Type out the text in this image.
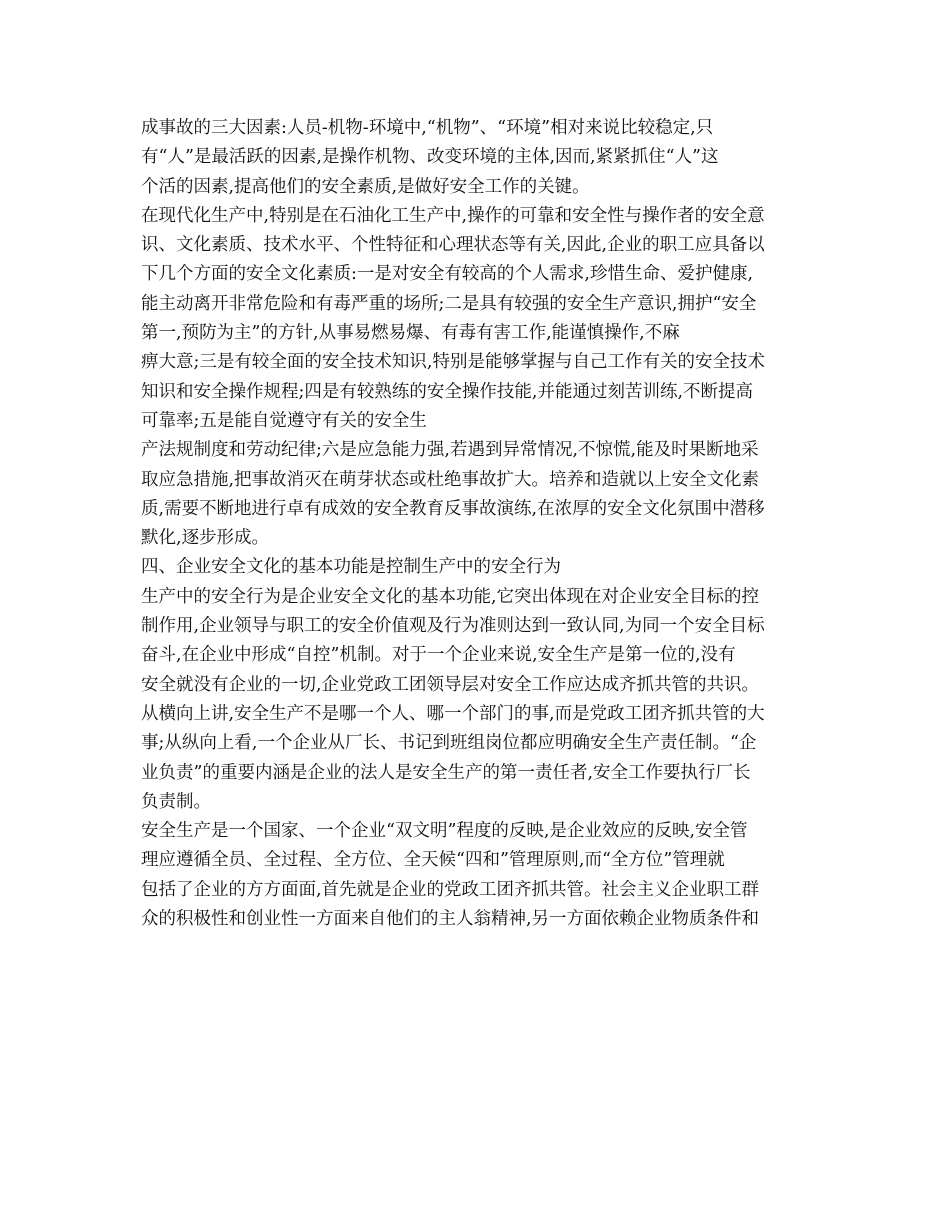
成事故的三大因素:人员-机物-环境中,“机物”、“环境”相对来说比较稳定,只
有“人”是最活跃的因素,是操作机物、改变环境的主体,因而,紧紧抓住“人”这
个活的因素,提高他们的安全素质,是做好安全工作的关键。
在现代化生产中,特别是在石油化工生产中,操作的可靠和安全性与操作者的安全意
识、文化素质、技术水平、个性特征和心理状态等有关,因此,企业的职工应具备以
下几个方面的安全文化素质:一是对安全有较高的个人需求,珍惜生命、爱护健康,
能主动离开非常危险和有毒严重的场所;二是具有较强的安全生产意识,拥护“安全
第一,预防为主”的方针,从事易燃易爆、有毒有害工作,能谨慎操作,不麻
痹大意;三是有较全面的安全技术知识,特别是能够掌握与自己工作有关的安全技术
知识和安全操作规程;四是有较熟练的安全操作技能,并能通过刻苦训练,不断提高
可靠率;五是能自觉遵守有关的安全生
产法规制度和劳动纪律;六是应急能力强,若遇到异常情况,不惊慌,能及时果断地采
取应急措施,把事故消灭在萌芽状态或杜绝事故扩大。培养和造就以上安全文化素
质,需要不断地进行卓有成效的安全教育反事故演练,在浓厚的安全文化氛围中潜移
默化,逐步形成。
四、企业安全文化的基本功能是控制生产中的安全行为
生产中的安全行为是企业安全文化的基本功能,它突出体现在对企业安全目标的控
制作用,企业领导与职工的安全价值观及行为准则达到一致认同,为同一个安全目标
奋斗,在企业中形成“自控”机制。对于一个企业来说,安全生产是第一位的,没有
安全就没有企业的一切,企业党政工团领导层对安全工作应达成齐抓共管的共识。
从横向上讲,安全生产不是哪一个人、哪一个部门的事,而是党政工团齐抓共管的大
事;从纵向上看,一个企业从厂长、书记到班组岗位都应明确安全生产责任制。“企
业负责”的重要内涵是企业的法人是安全生产的第一责任者,安全工作要执行厂长
负责制。
安全生产是一个国家、一个企业“双文明”程度的反映,是企业效应的反映,安全管
理应遵循全员、全过程、全方位、全天候“四和”管理原则,而“全方位”管理就
包括了企业的方方面面,首先就是企业的党政工团齐抓共管。社会主义企业职工群
众的积极性和创业性一方面来自他们的主人翁精神,另一方面依赖企业物质条件和
